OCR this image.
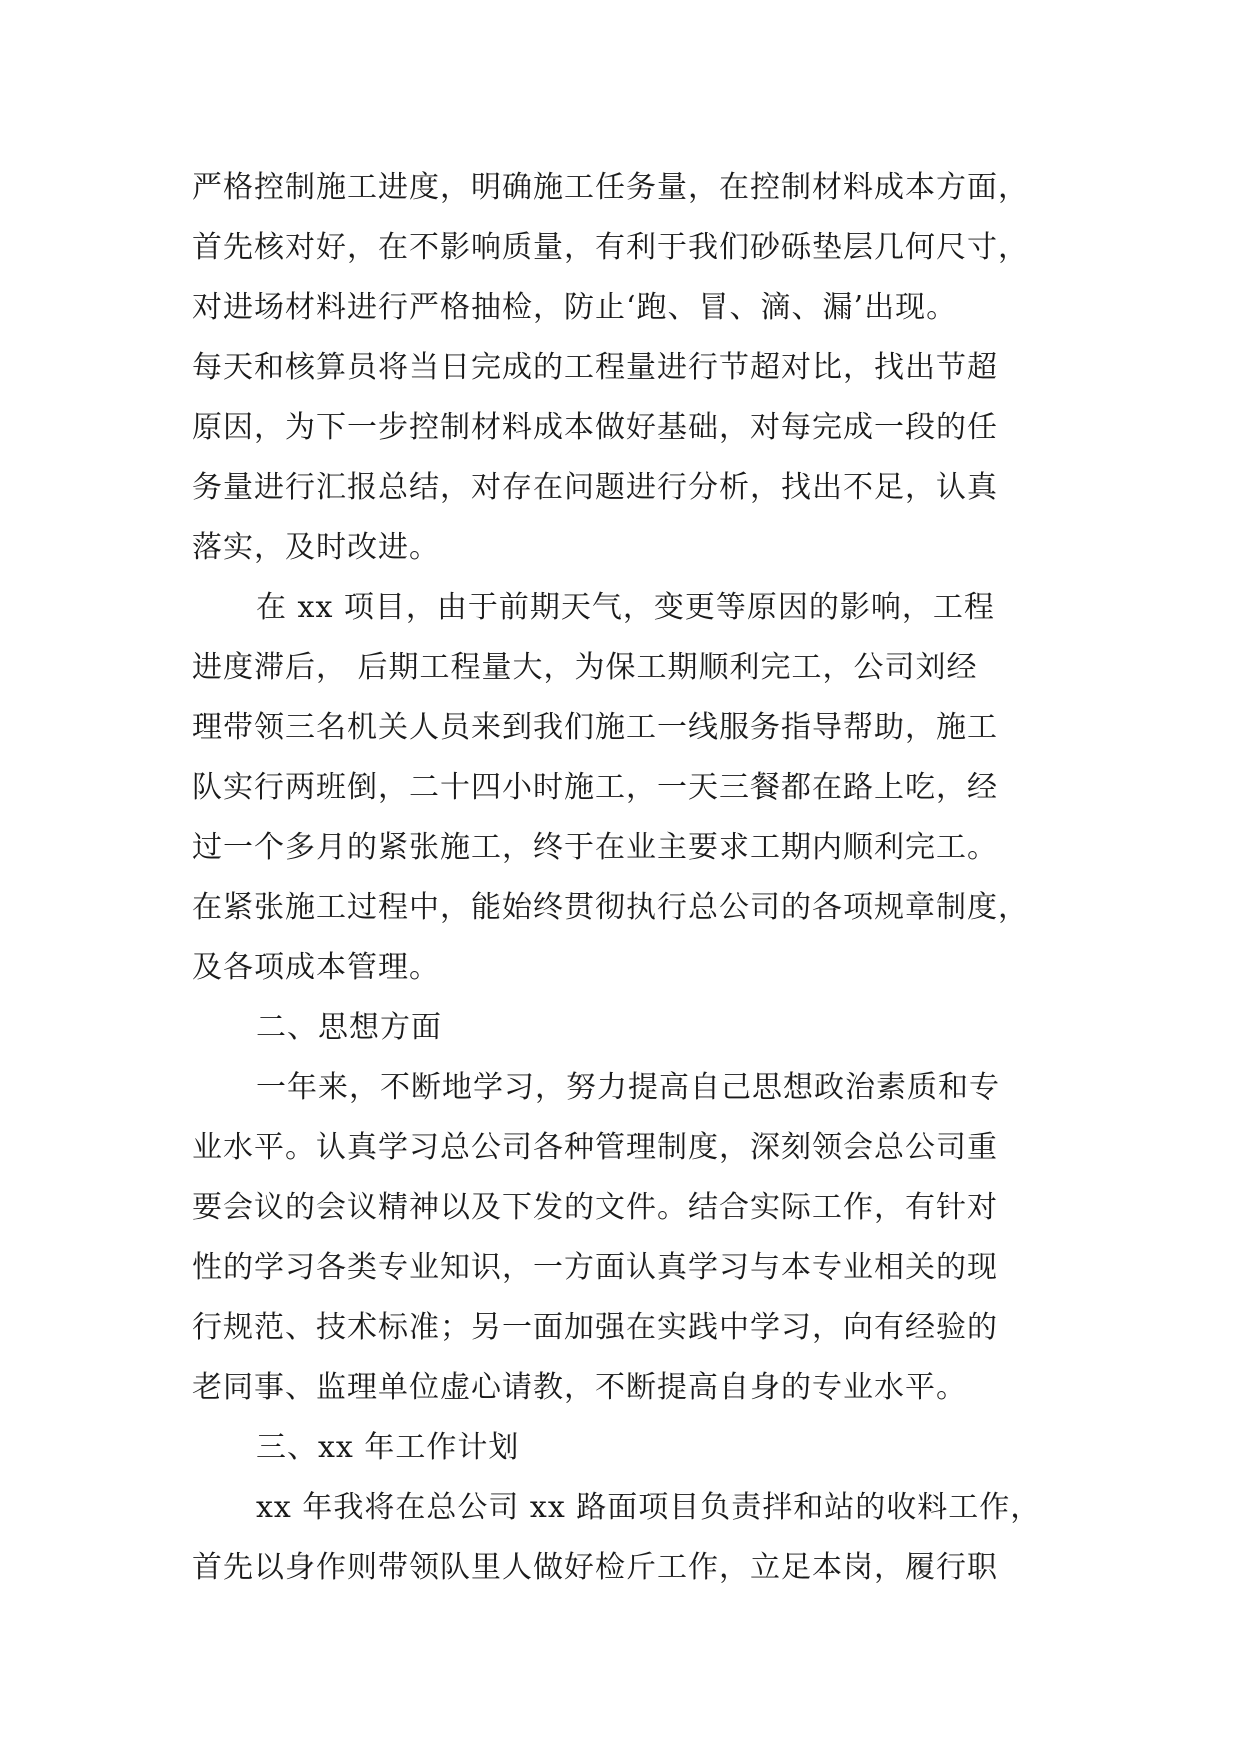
严格控制施工进度，明确施工任务量，在控制材料成本方面，
首先核对好，在不影响质量，有利于我们砂砾垫层几何尺寸，
对进场材料进行严格抽检，防止‘跑、冒、滴、漏’出现。
每天和核算员将当日完成的工程量进行节超对比，找出节超
原因，为下一步控制材料成本做好基础，对每完成一段的任
务量进行汇报总结，对存在问题进行分析，找出不足，认真
落实，及时改进。
在 xx 项目，由于前期天气，变更等原因的影响，工程
进度滞后， 后期工程量大，为保工期顺利完工，公司刘经
理带领三名机关人员来到我们施工一线服务指导帮助，施工
队实行两班倒，二十四小时施工，一天三餐都在路上吃，经
过一个多月的紧张施工，终于在业主要求工期内顺利完工。
在紧张施工过程中，能始终贯彻执行总公司的各项规章制度，
及各项成本管理。
二、思想方面
一年来，不断地学习，努力提高自己思想政治素质和专
业水平。认真学习总公司各种管理制度，深刻领会总公司重
要会议的会议精神以及下发的文件。结合实际工作，有针对
性的学习各类专业知识，一方面认真学习与本专业相关的现
行规范、技术标准；另一面加强在实践中学习，向有经验的
老同事、监理单位虚心请教，不断提高自身的专业水平。
三、xx 年工作计划
xx 年我将在总公司 xx 路面项目负责拌和站的收料工作，
首先以身作则带领队里人做好检斤工作，立足本岗，履行职
